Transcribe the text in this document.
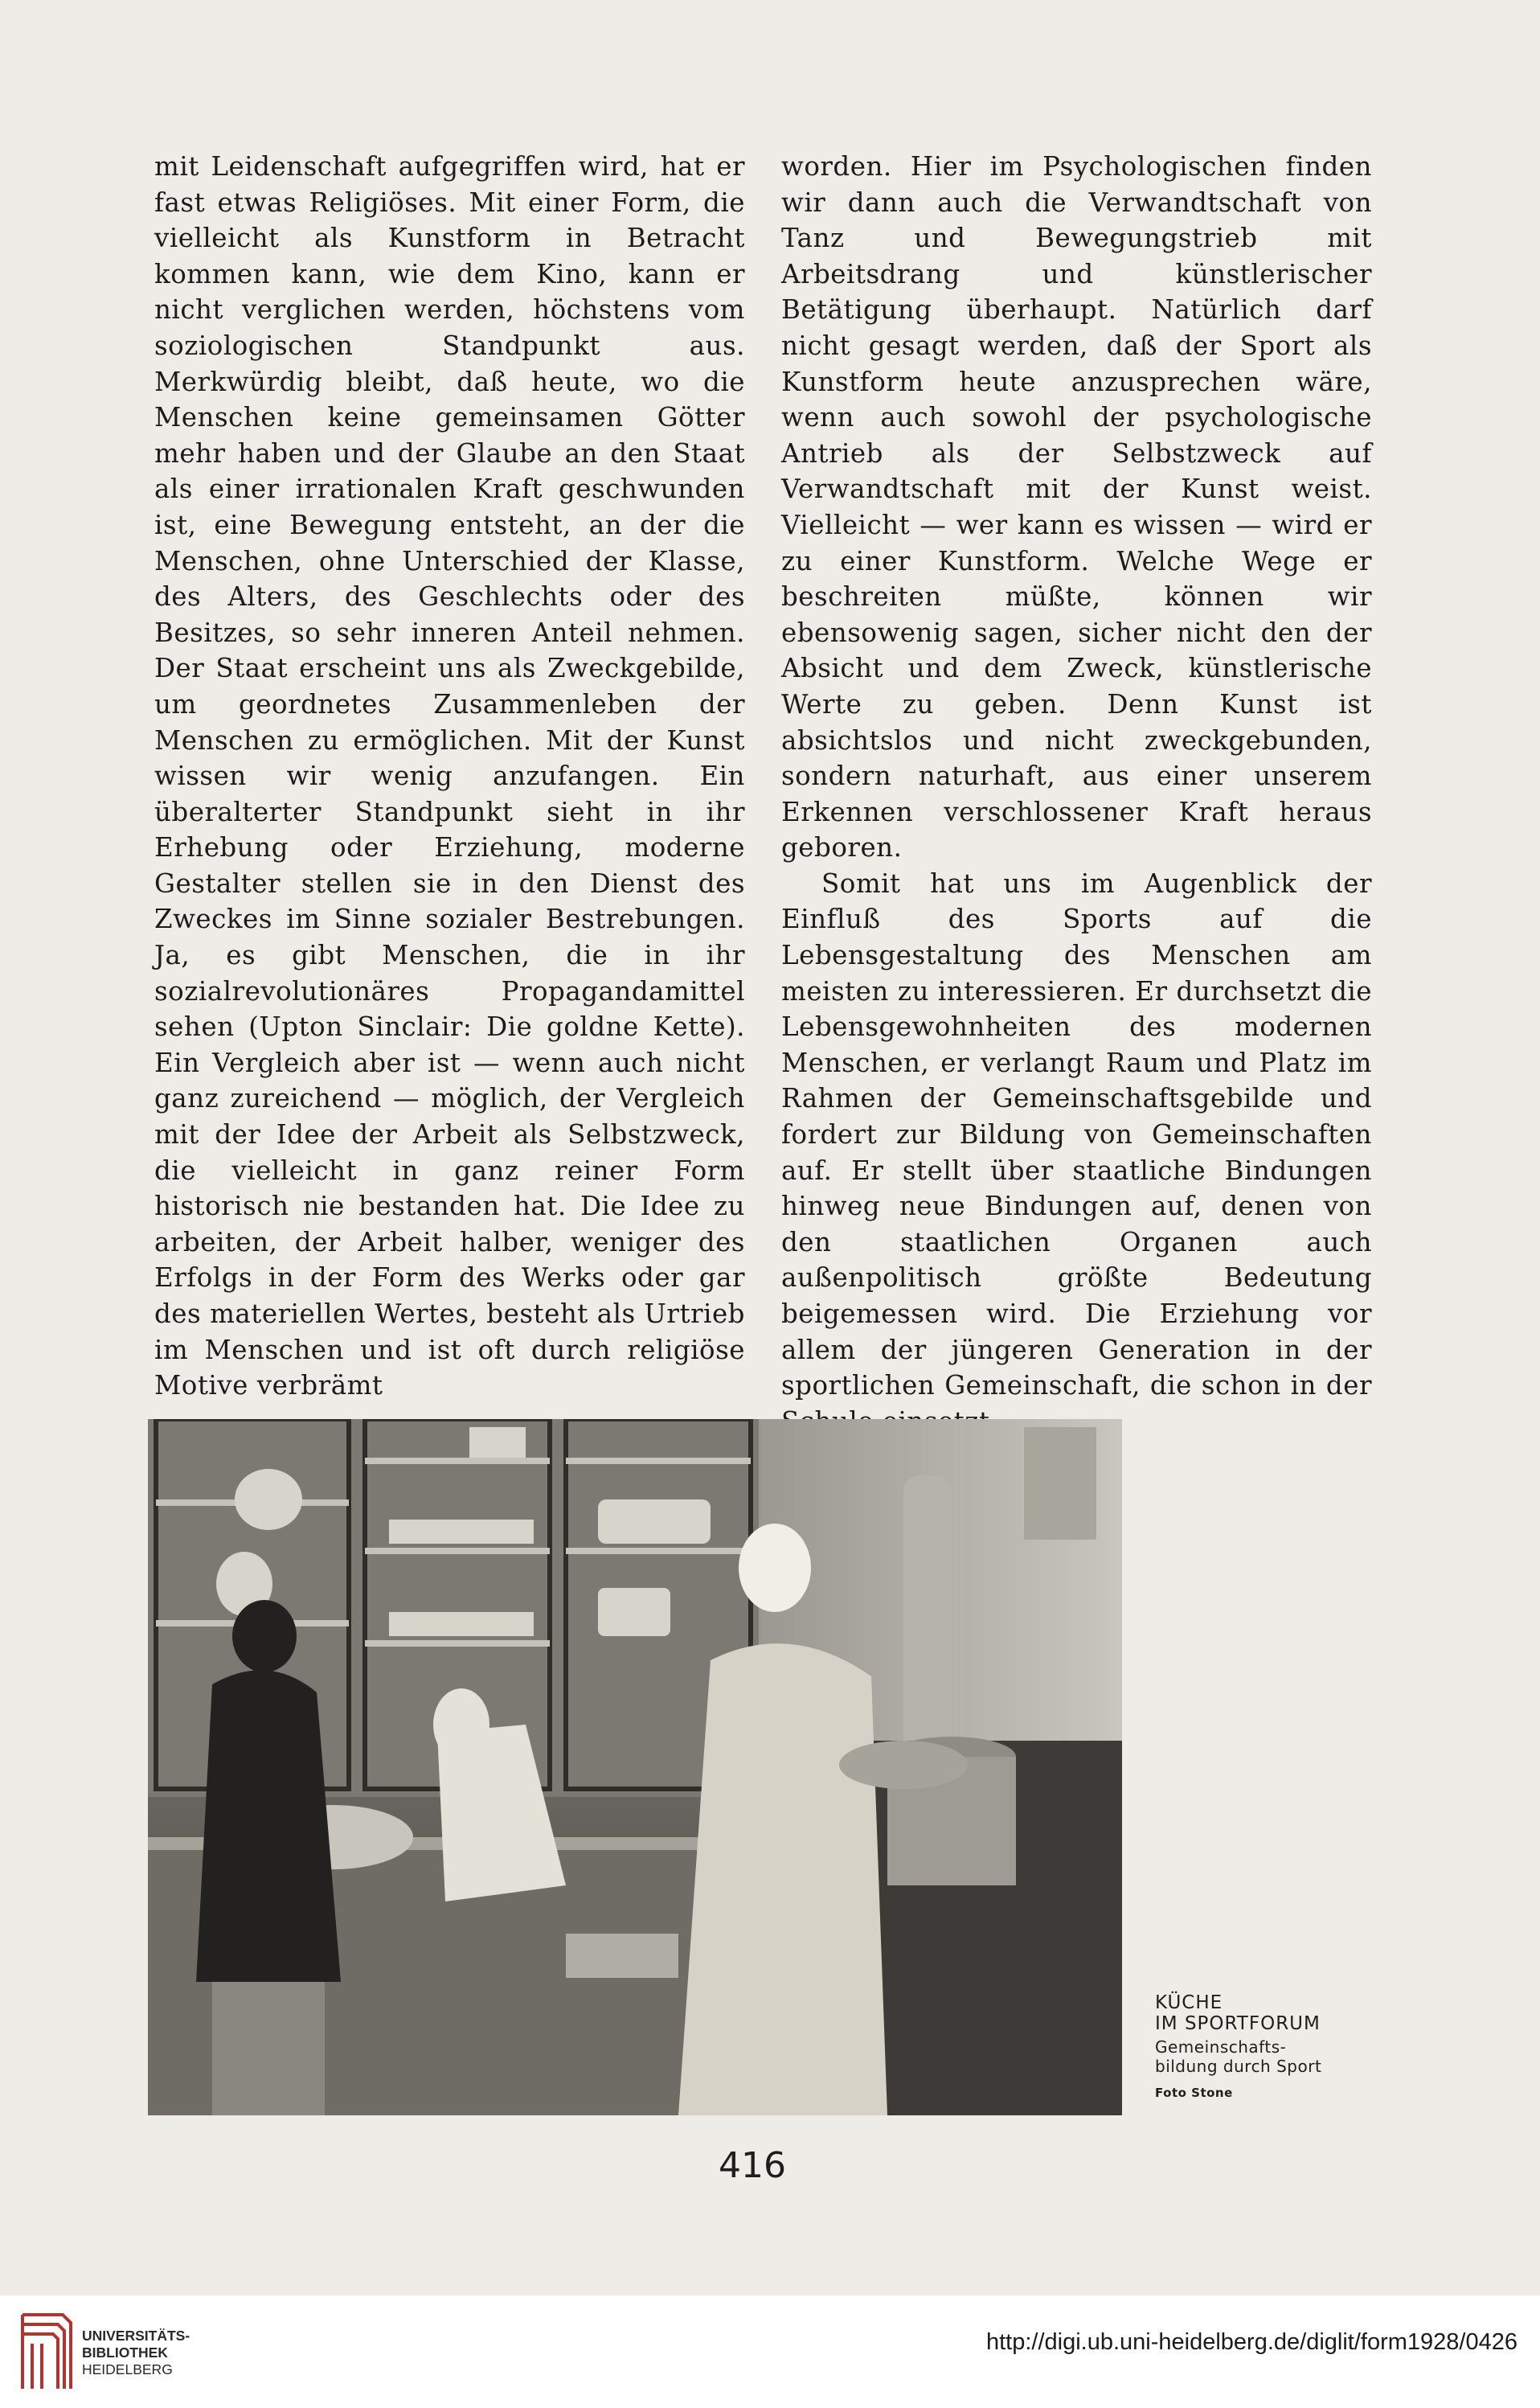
mit Leidenschaft aufgegriffen wird, hat er fast etwas Religiöses. Mit einer Form, die vielleicht als Kunstform in Betracht kommen kann, wie dem Kino, kann er nicht verglichen werden, höchstens vom soziologischen Standpunkt aus. Merkwürdig bleibt, daß heute, wo die Menschen keine gemeinsamen Götter mehr haben und der Glaube an den Staat als einer irrationalen Kraft geschwunden ist, eine Bewegung entsteht, an der die Menschen, ohne Unterschied der Klasse, des Alters, des Geschlechts oder des Besitzes, so sehr inneren Anteil nehmen. Der Staat erscheint uns als Zweckgebilde, um geordnetes Zusammenleben der Menschen zu ermöglichen. Mit der Kunst wissen wir wenig anzufangen. Ein überalterter Standpunkt sieht in ihr Erhebung oder Erziehung, moderne Gestalter stellen sie in den Dienst des Zweckes im Sinne sozialer Bestrebungen. Ja, es gibt Menschen, die in ihr sozialrevolutionäres Propagandamittel sehen (Upton Sinclair: Die goldne Kette). Ein Vergleich aber ist — wenn auch nicht ganz zureichend — möglich, der Vergleich mit der Idee der Arbeit als Selbstzweck, die vielleicht in ganz reiner Form historisch nie bestanden hat. Die Idee zu arbeiten, der Arbeit halber, weniger des Erfolgs in der Form des Werks oder gar des materiellen Wertes, besteht als Urtrieb im Menschen und ist oft durch religiöse Motive verbrämt

worden. Hier im Psychologischen finden wir dann auch die Verwandtschaft von Tanz und Bewegungstrieb mit Arbeitsdrang und künstlerischer Betätigung überhaupt. Natürlich darf nicht gesagt werden, daß der Sport als Kunstform heute anzusprechen wäre, wenn auch sowohl der psychologische Antrieb als der Selbstzweck auf Verwandtschaft mit der Kunst weist. Vielleicht — wer kann es wissen — wird er zu einer Kunstform. Welche Wege er beschreiten müßte, können wir ebensowenig sagen, sicher nicht den der Absicht und dem Zweck, künstlerische Werte zu geben. Denn Kunst ist absichtslos und nicht zweckgebunden, sondern naturhaft, aus einer unserem Erkennen verschlossener Kraft heraus geboren.

Somit hat uns im Augenblick der Einfluß des Sports auf die Lebensgestaltung des Menschen am meisten zu interessieren. Er durchsetzt die Lebensgewohnheiten des modernen Menschen, er verlangt Raum und Platz im Rahmen der Gemeinschaftsgebilde und fordert zur Bildung von Gemeinschaften auf. Er stellt über staatliche Bindungen hinweg neue Bindungen auf, denen von den staatlichen Organen auch außenpolitisch größte Bedeutung beigemessen wird. Die Erziehung vor allem der jüngeren Generation in der sportlichen Gemeinschaft, die schon in der

KÜCHE
IM SPORTFORUM
Gemeinschafts-
bildung durch Sport
Foto Stone
416
UNIVERSITÄTS-
BIBLIOTHEK
HEIDELBERG
http://digi.ub.uni-heidelberg.de/diglit/form1928/0426
